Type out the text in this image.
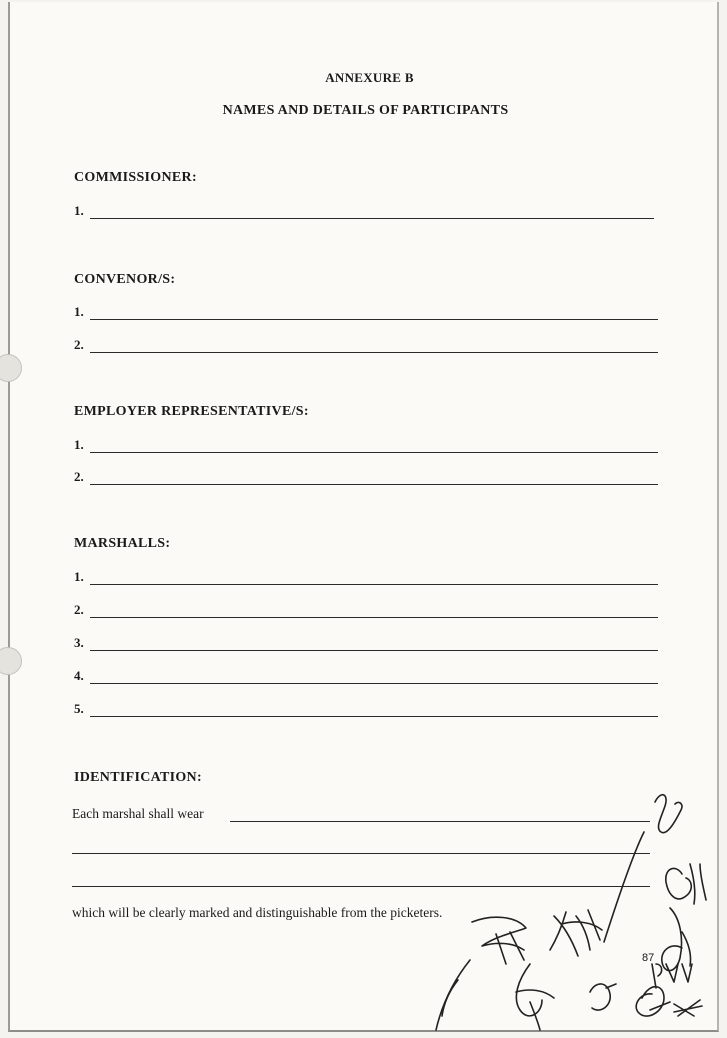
ANNEXURE B
NAMES AND DETAILS OF PARTICIPANTS
COMMISSIONER:
1.
CONVENOR/S:
1.
2.
EMPLOYER REPRESENTATIVE/S:
1.
2.
MARSHALLS:
1.
2.
3.
4.
5.
IDENTIFICATION:
Each marshal shall wear
which will be clearly marked and distinguishable from the picketers.
87
